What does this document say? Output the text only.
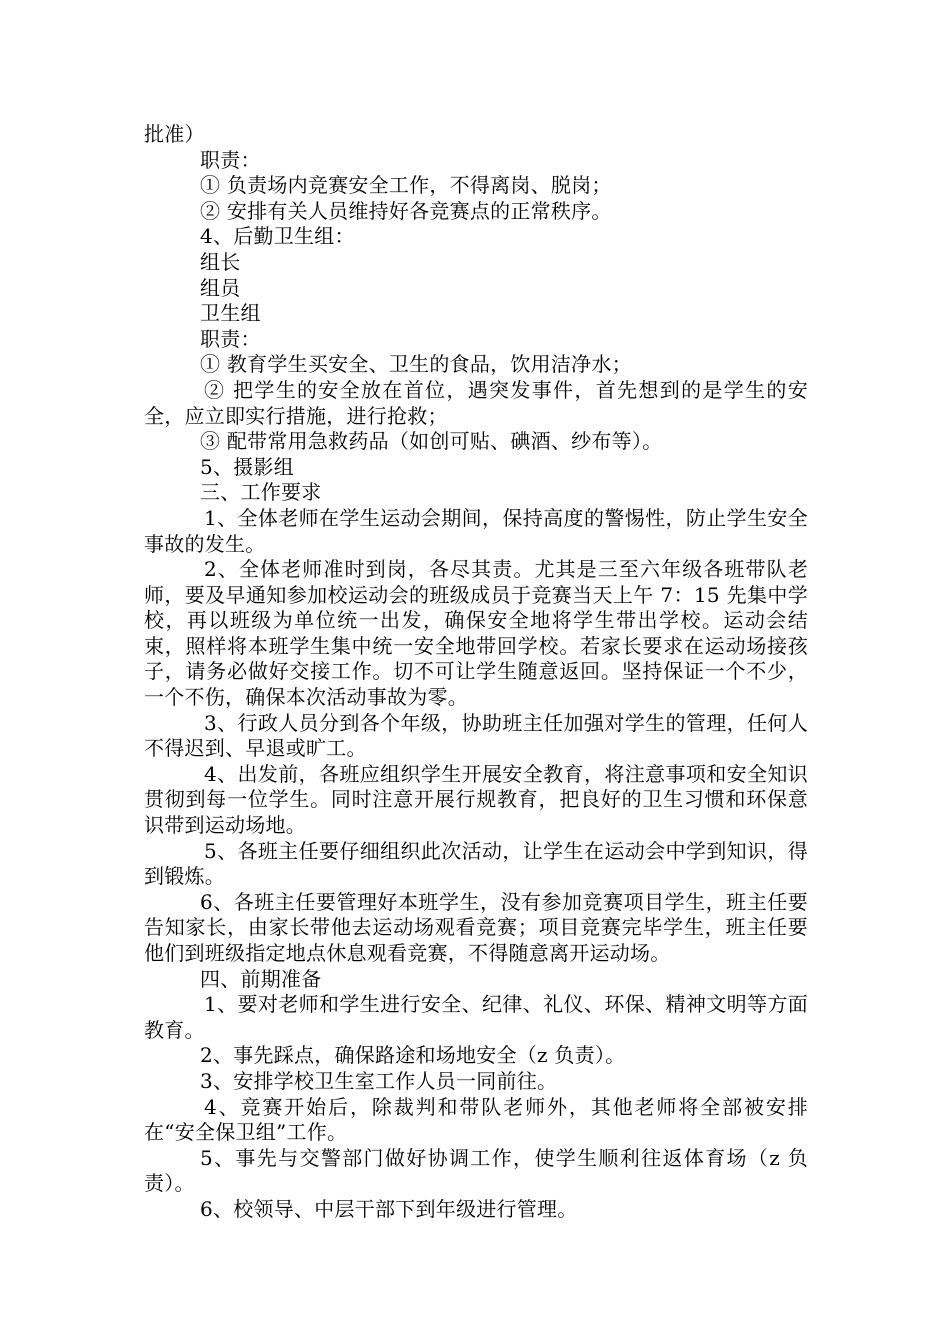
批准）

职责：

① 负责场内竞赛安全工作，不得离岗、脱岗；

② 安排有关人员维持好各竞赛点的正常秩序。

4、后勤卫生组：

组长

组员

卫生组

职责：

① 教育学生买安全、卫生的食品，饮用洁净水；

② 把学生的安全放在首位，遇突发事件，首先想到的是学生的安全，应立即实行措施，进行抢救；

③ 配带常用急救药品（如创可贴、碘酒、纱布等）。

5、摄影组

三、工作要求

1、全体老师在学生运动会期间，保持高度的警惕性，防止学生安全事故的发生。

2、全体老师准时到岗，各尽其责。尤其是三至六年级各班带队老师，要及早通知参加校运动会的班级成员于竞赛当天上午 7：15 先集中学校，再以班级为单位统一出发，确保安全地将学生带出学校。运动会结束，照样将本班学生集中统一安全地带回学校。若家长要求在运动场接孩子，请务必做好交接工作。切不可让学生随意返回。坚持保证一个不少，一个不伤，确保本次活动事故为零。

3、行政人员分到各个年级，协助班主任加强对学生的管理，任何人不得迟到、早退或旷工。

4、出发前，各班应组织学生开展安全教育，将注意事项和安全知识贯彻到每一位学生。同时注意开展行规教育，把良好的卫生习惯和环保意识带到运动场地。

5、各班主任要仔细组织此次活动，让学生在运动会中学到知识，得到锻炼。

6、各班主任要管理好本班学生，没有参加竞赛项目学生，班主任要告知家长，由家长带他去运动场观看竞赛；项目竞赛完毕学生，班主任要他们到班级指定地点休息观看竞赛，不得随意离开运动场。

四、前期准备

1、要对老师和学生进行安全、纪律、礼仪、环保、精神文明等方面教育。

2、事先踩点，确保路途和场地安全（z 负责）。

3、安排学校卫生室工作人员一同前往。

4、竞赛开始后，除裁判和带队老师外，其他老师将全部被安排在“安全保卫组”工作。

5、事先与交警部门做好协调工作，使学生顺利往返体育场（z 负责）。

6、校领导、中层干部下到年级进行管理。
